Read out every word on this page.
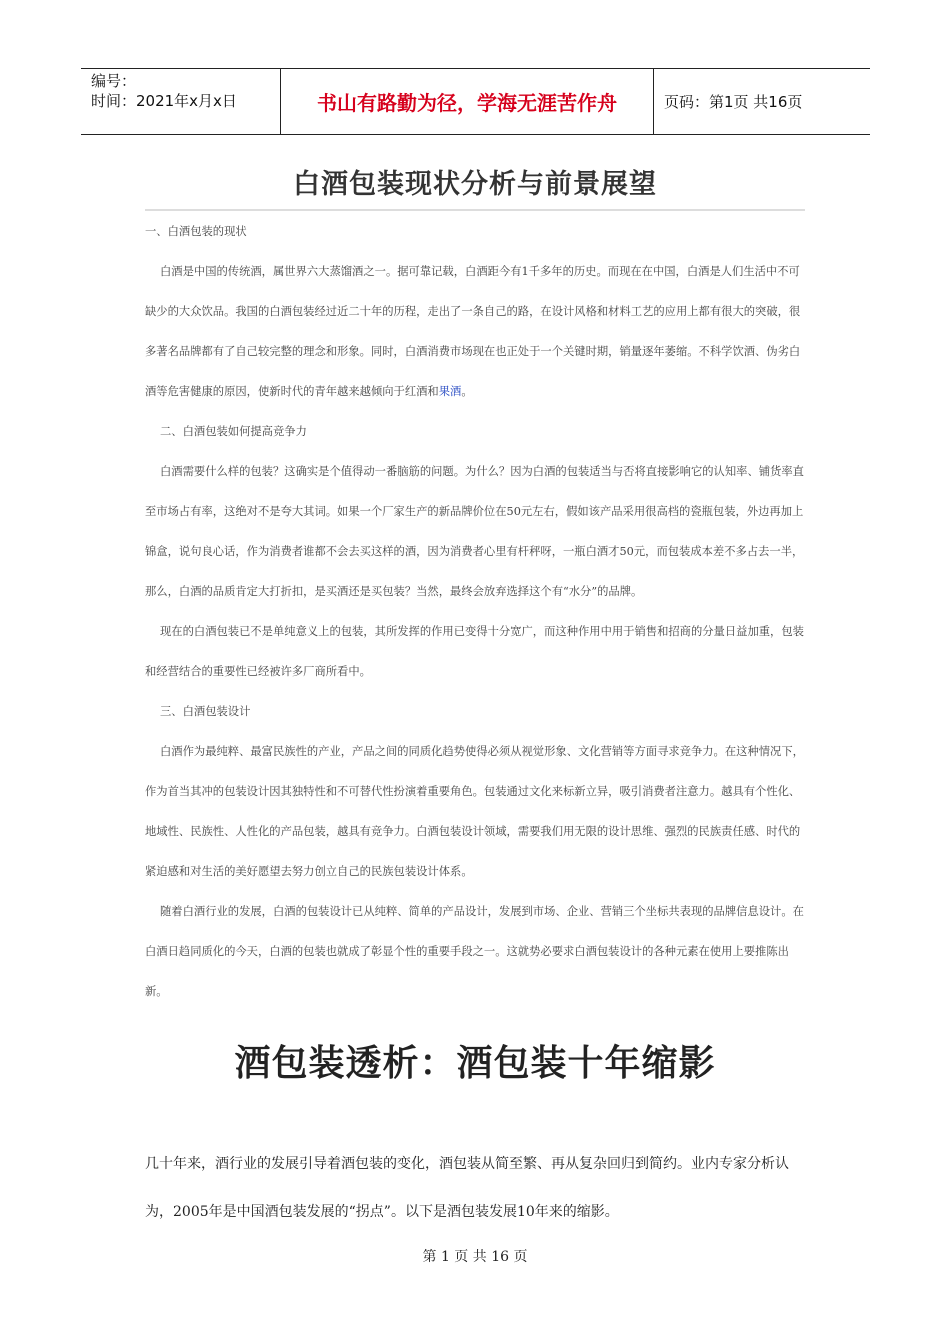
编号：
时间：2021年x月x日	书山有路勤为径，学海无涯苦作舟	页码：第1页 共16页
白酒包装现状分析与前景展望

一、白酒包装的现状

白酒是中国的传统酒，属世界六大蒸馏酒之一。据可靠记载，白酒距今有1千多年的历史。而现在在中国，白酒是人们生活中不可缺少的大众饮品。我国的白酒包装经过近二十年的历程，走出了一条自己的路，在设计风格和材料工艺的应用上都有很大的突破，很多著名品牌都有了自己较完整的理念和形象。同时，白酒消费市场现在也正处于一个关键时期，销量逐年萎缩。不科学饮酒、伪劣白酒等危害健康的原因，使新时代的青年越来越倾向于红酒和果酒。

二、白酒包装如何提高竞争力

白酒需要什么样的包装？这确实是个值得动一番脑筋的问题。为什么？因为白酒的包装适当与否将直接影响它的认知率、铺货率直至市场占有率，这绝对不是夸大其词。如果一个厂家生产的新品牌价位在50元左右，假如该产品采用很高档的瓷瓶包装，外边再加上锦盒，说句良心话，作为消费者谁都不会去买这样的酒，因为消费者心里有杆秤呀，一瓶白酒才50元，而包装成本差不多占去一半，那么，白酒的品质肯定大打折扣，是买酒还是买包装？当然，最终会放弃选择这个有“水分”的品牌。

现在的白酒包装已不是单纯意义上的包装，其所发挥的作用已变得十分宽广，而这种作用中用于销售和招商的分量日益加重，包装和经营结合的重要性已经被许多厂商所看中。

三、白酒包装设计

白酒作为最纯粹、最富民族性的产业，产品之间的同质化趋势使得必须从视觉形象、文化营销等方面寻求竞争力。在这种情况下，作为首当其冲的包装设计因其独特性和不可替代性扮演着重要角色。包装通过文化来标新立异，吸引消费者注意力。越具有个性化、地域性、民族性、人性化的产品包装，越具有竞争力。白酒包装设计领域，需要我们用无限的设计思维、强烈的民族责任感、时代的紧迫感和对生活的美好愿望去努力创立自己的民族包装设计体系。

随着白酒行业的发展，白酒的包装设计已从纯粹、简单的产品设计，发展到市场、企业、营销三个坐标共表现的品牌信息设计。在白酒日趋同质化的今天，白酒的包装也就成了彰显个性的重要手段之一。这就势必要求白酒包装设计的各种元素在使用上要推陈出新。

酒包装透析：酒包装十年缩影

几十年来，酒行业的发展引导着酒包装的变化，酒包装从简至繁、再从复杂回归到简约。业内专家分析认为，2005年是中国酒包装发展的“拐点”。以下是酒包装发展10年来的缩影。

第 1 页 共 16 页
